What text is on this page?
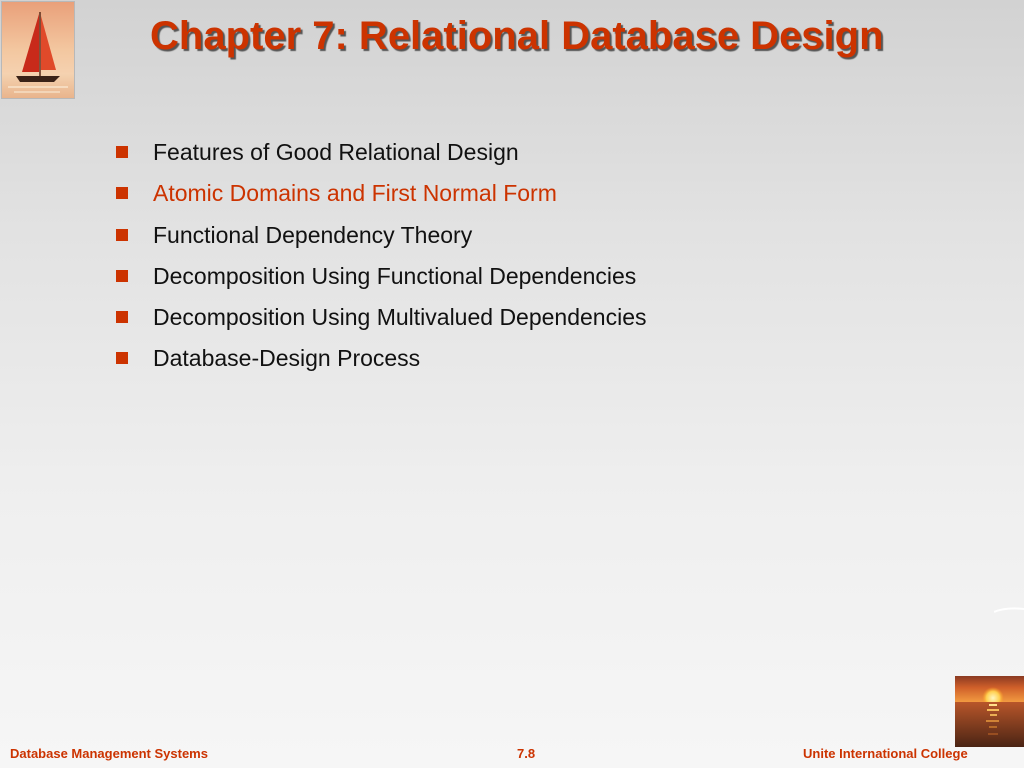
Chapter 7: Relational Database Design
Features of Good Relational Design
Atomic Domains and First Normal Form
Functional Dependency Theory
Decomposition Using Functional Dependencies
Decomposition Using Multivalued Dependencies
Database-Design Process
Database Management Systems	7.8	Unite International College
